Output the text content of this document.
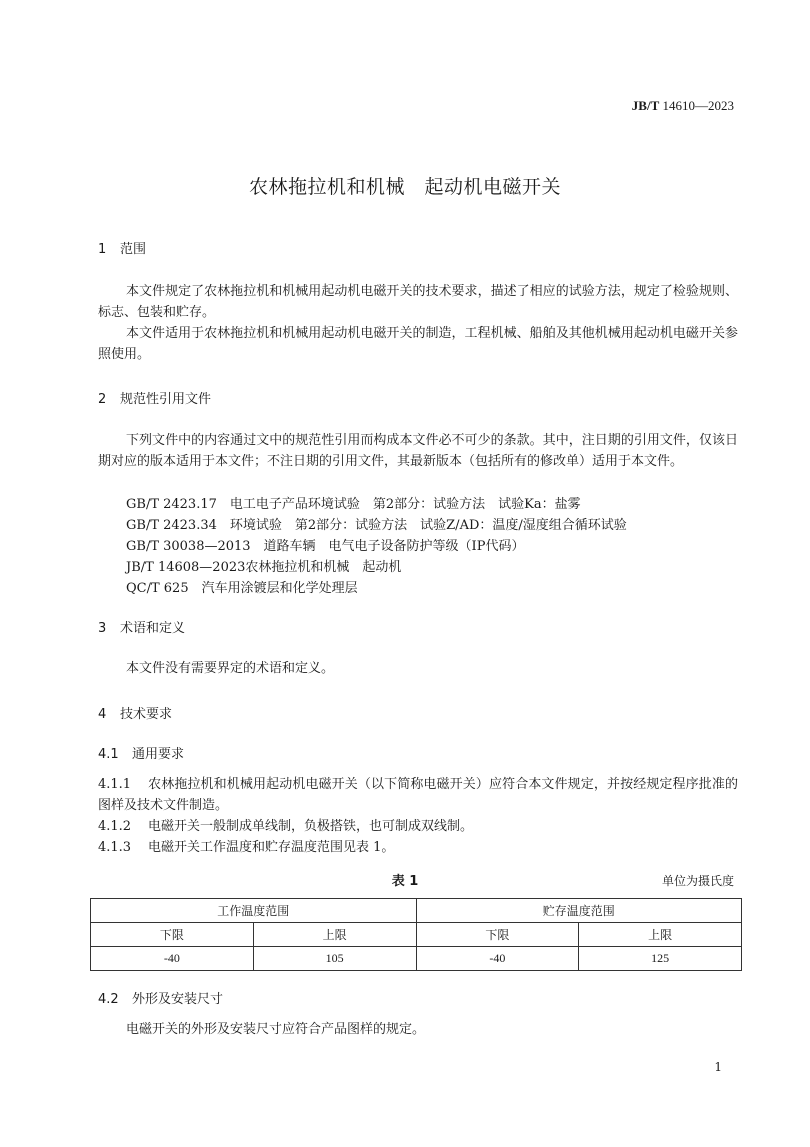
JB/T 14610—2023
农林拖拉机和机械　起动机电磁开关
1 范围
本文件规定了农林拖拉机和机械用起动机电磁开关的技术要求，描述了相应的试验方法，规定了检验规则、标志、包装和贮存。
本文件适用于农林拖拉机和机械用起动机电磁开关的制造，工程机械、船舶及其他机械用起动机电磁开关参照使用。
2 规范性引用文件
下列文件中的内容通过文中的规范性引用而构成本文件必不可少的条款。其中，注日期的引用文件，仅该日期对应的版本适用于本文件；不注日期的引用文件，其最新版本（包括所有的修改单）适用于本文件。
GB/T 2423.17　电工电子产品环境试验　第2部分：试验方法　试验Ka：盐雾
GB/T 2423.34　环境试验　第2部分：试验方法　试验Z/AD：温度/湿度组合循环试验
GB/T 30038—2013　道路车辆　电气电子设备防护等级（IP代码）
JB/T 14608—2023农林拖拉机和机械　起动机
QC/T 625　汽车用涂镀层和化学处理层
3 术语和定义
本文件没有需要界定的术语和定义。
4 技术要求
4.1 通用要求
4.1.1 农林拖拉机和机械用起动机电磁开关（以下简称电磁开关）应符合本文件规定，并按经规定程序批准的图样及技术文件制造。
4.1.2 电磁开关一般制成单线制，负极搭铁，也可制成双线制。
4.1.3 电磁开关工作温度和贮存温度范围见表 1。
表 1	单位为摄氏度
工作温度范围		贮存温度范围	
下限	上限	下限	上限
-40	105	-40	125
4.2 外形及安装尺寸
电磁开关的外形及安装尺寸应符合产品图样的规定。
1
